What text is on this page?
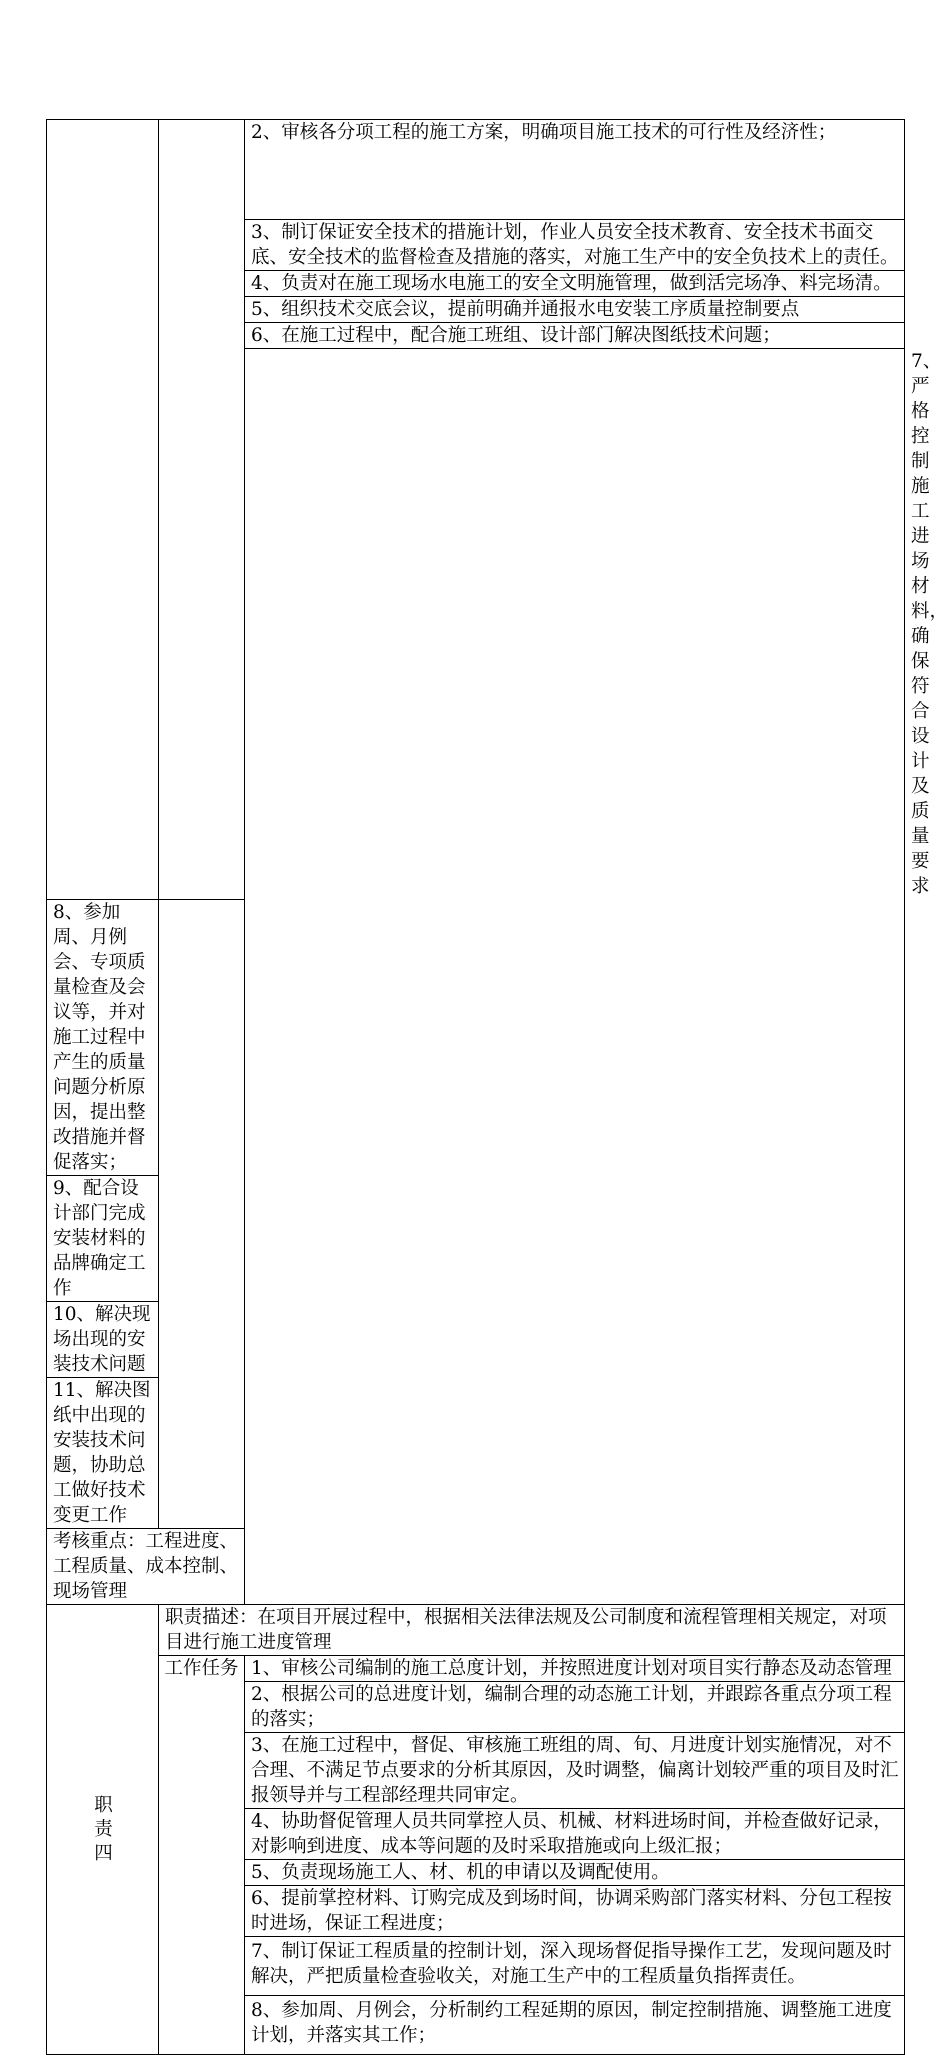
		2、审核各分项工程的施工方案，明确项目施工技术的可行性及经济性；	
		3、制订保证安全技术的措施计划，作业人员安全技术教育、安全技术书面交底、安全技术的监督检查及措施的落实，对施工生产中的安全负技术上的责任。	
		4、负责对在施工现场水电施工的安全文明施管理，做到活完场净、料完场清。	
		5、组织技术交底会议，提前明确并通报水电安装工序质量控制要点	
		6、在施工过程中，配合施工班组、设计部门解决图纸技术问题；	
			7、严格控制施工进场材料，确保符合设计及质量要求
8、参加周、月例会、专项质量检查及会议等，并对施工过程中产生的质量问题分析原因，提出整改措施并督促落实；			
9、配合设计部门完成安装材料的品牌确定工作			
10、解决现场出现的安装技术问题			
11、解决图纸中出现的安装技术问题，协助总工做好技术变更工作			
考核重点：工程进度、工程质量、成本控制、现场管理			
职责四	职责描述：在项目开展过程中，根据相关法律法规及公司制度和流程管理相关规定，对项目进行施工进度管理		
	工作任务	1、审核公司编制的施工总度计划，并按照进度计划对项目实行静态及动态管理	
		2、根据公司的总进度计划，编制合理的动态施工计划，并跟踪各重点分项工程的落实；	
		3、在施工过程中，督促、审核施工班组的周、旬、月进度计划实施情况，对不合理、不满足节点要求的分析其原因，及时调整，偏离计划较严重的项目及时汇报领导并与工程部经理共同审定。	
		4、协助督促管理人员共同掌控人员、机械、材料进场时间，并检查做好记录，对影响到进度、成本等问题的及时采取措施或向上级汇报；	
		5、负责现场施工人、材、机的申请以及调配使用。	
		6、提前掌控材料、订购完成及到场时间，协调采购部门落实材料、分包工程按时进场，保证工程进度；	
		7、制订保证工程质量的控制计划，深入现场督促指导操作工艺，发现问题及时解决，严把质量检查验收关，对施工生产中的工程质量负指挥责任。	
		8、参加周、月例会，分析制约工程延期的原因，制定控制措施、调整施工进度计划，并落实其工作；	
